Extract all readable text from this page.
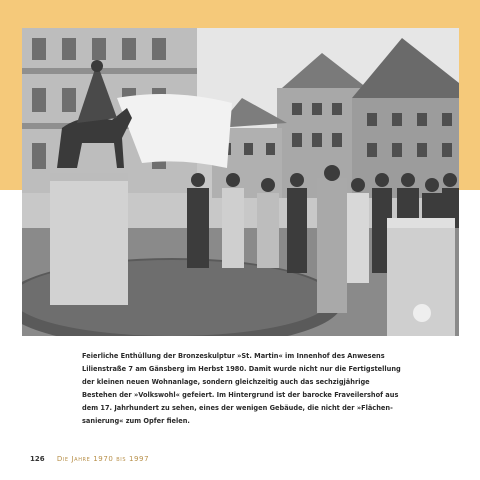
Feierliche Enthüllung der Bronzeskulptur »St. Martin« im Innenhof des Anwesens

Lilienstraße 7 am Gänsberg im Herbst 1980. Damit wurde nicht nur die Fertigstellung

der kleinen neuen Wohnanlage, sondern gleichzeitig auch das sechzigjährige

Bestehen der »Volkswohl« gefeiert. Im Hintergrund ist der barocke Fraveilershof aus

dem 17. Jahrhundert zu sehen, eines der wenigen Gebäude, die nicht der »Flächen-

sanierung« zum Opfer fielen.

126 Die Jahre 1970 bis 1997
